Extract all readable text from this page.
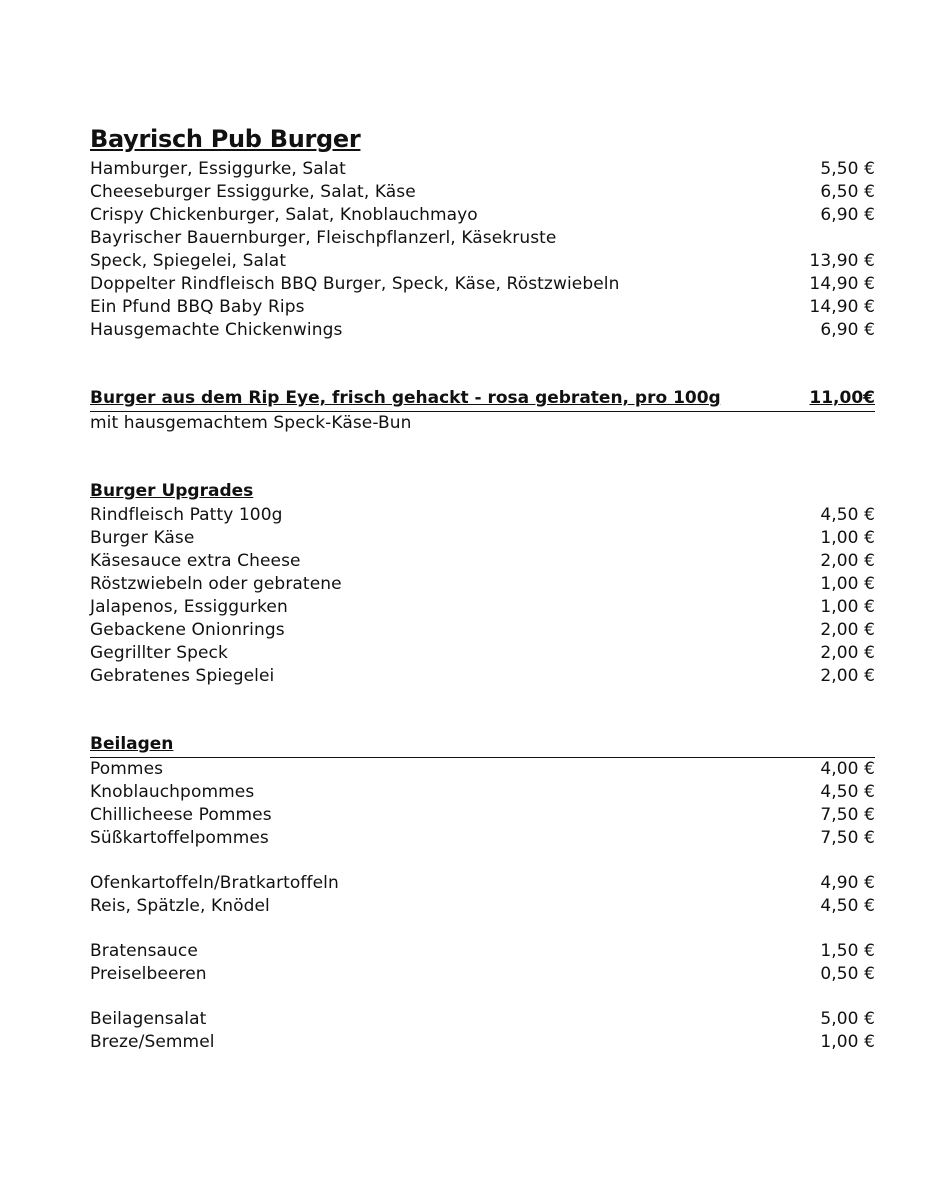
Bayrisch Pub Burger
Hamburger, Essiggurke, Salat	5,50 €
Cheeseburger Essiggurke, Salat, Käse	6,50 €
Crispy Chickenburger, Salat, Knoblauchmayo	6,90 €
Bayrischer Bauernburger, Fleischpflanzerl, Käsekruste
Speck, Spiegelei, Salat	13,90 €
Doppelter Rindfleisch BBQ Burger, Speck, Käse, Röstzwiebeln	14,90 €
Ein Pfund BBQ Baby Rips	14,90 €
Hausgemachte Chickenwings	6,90 €
Burger aus dem Rip Eye, frisch gehackt - rosa gebraten, pro 100g	11,00€
mit hausgemachtem Speck-Käse-Bun
Burger Upgrades
Rindfleisch Patty 100g	4,50 €
Burger Käse	1,00 €
Käsesauce extra Cheese	2,00 €
Röstzwiebeln oder gebratene	1,00 €
Jalapenos, Essiggurken	1,00 €
Gebackene Onionrings	2,00 €
Gegrillter Speck	2,00 €
Gebratenes Spiegelei	2,00 €
Beilagen
Pommes	4,00 €
Knoblauchpommes	4,50 €
Chillicheese Pommes	7,50 €
Süßkartoffelpommes	7,50 €
Ofenkartoffeln/Bratkartoffeln	4,90 €
Reis, Spätzle, Knödel	4,50 €
Bratensauce	1,50 €
Preiselbeeren	0,50 €
Beilagensalat	5,00 €
Breze/Semmel	1,00 €
